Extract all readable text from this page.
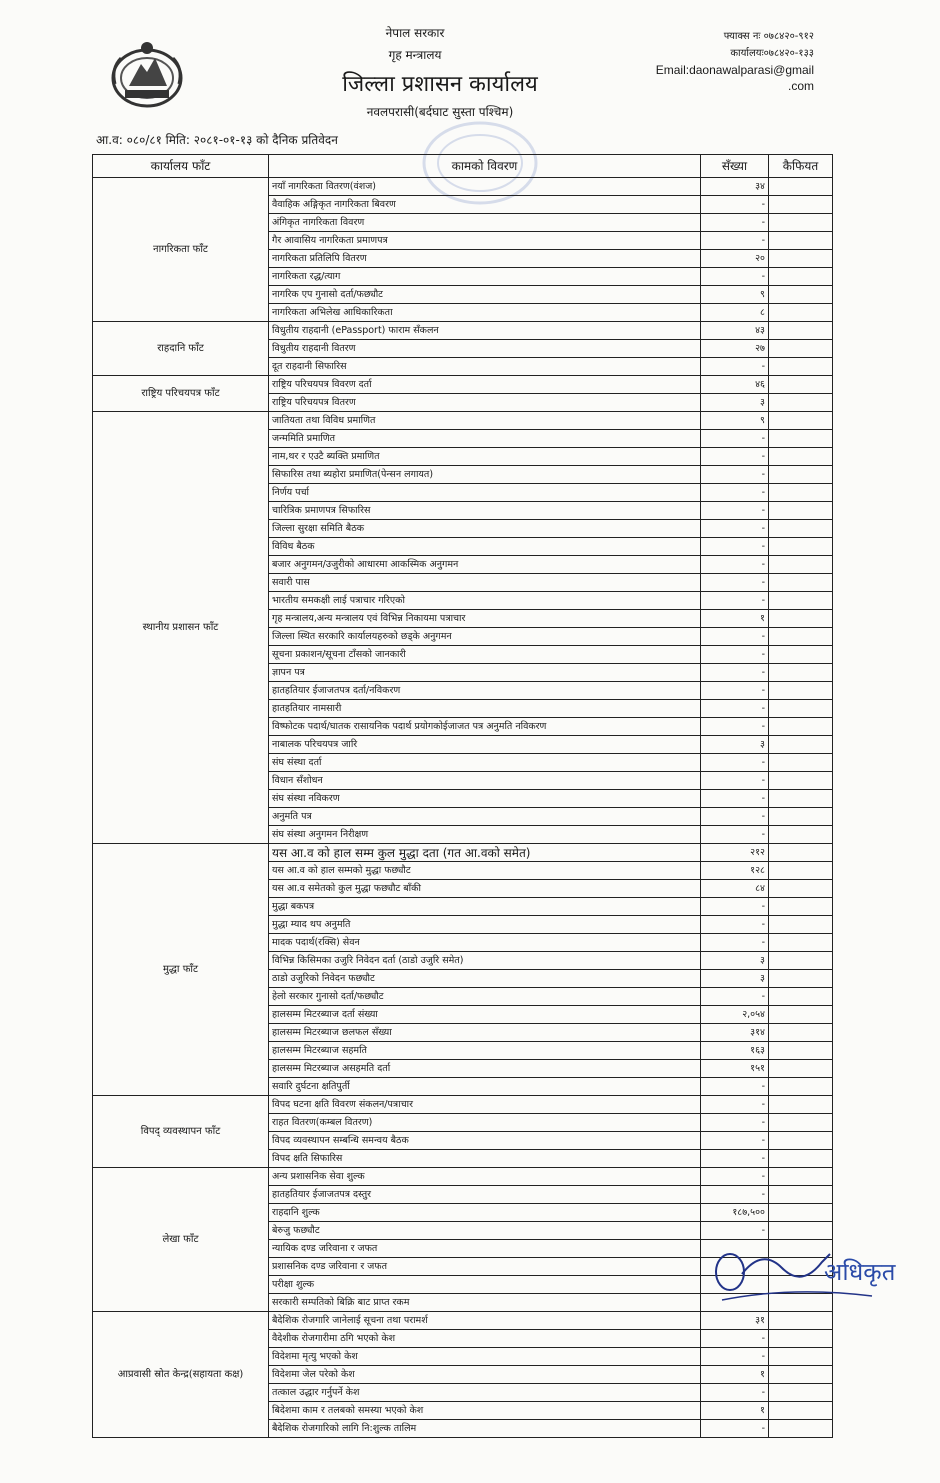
नेपाल सरकार
गृह मन्त्रालय
जिल्ला प्रशासन कार्यालय
नवलपरासी(बर्दघाट सुस्ता पश्चिम)
फ्याक्स नः ०७८४२०-९१२
कार्यालयः०७८४२०-१३३
Email:daonawalparasi@gmail
.com
आ.व: ०८०/८१ मिति: २०८१-०१-१३ को दैनिक प्रतिवेदन
कार्यालय फाँट	कामको विवरण	सँख्या	कैफियत
नागरिकता फाँट	नयाँ नागरिकता वितरण(वंशज)	३४	
	वैवाहिक अङ्गिकृत नागरिकता बिवरण	-	
	अंगिकृत नागरिकता विवरण	-	
	गैर आवासिय नागरिकता प्रमाणपत्र	-	
	नागरिकता प्रतिलिपि वितरण	२०	
	नागरिकता रद्ध/त्याग	-	
	नागरिक एप गुनासो दर्ता/फछ्यौट	९	
	नागरिकता अभिलेख आधिकारिकता	८	
राहदानि फाँट	विधुतीय राहदानी (ePassport) फाराम सँकलन	४३	
	विधुतीय राहदानी वितरण	२७	
	दूत राहदानी सिफारिस	-	
राष्ट्रिय परिचयपत्र फाँट	राष्ट्रिय परिचयपत्र विवरण दर्ता	४६	
	राष्ट्रिय परिचयपत्र वितरण	३	
स्थानीय प्रशासन फाँट	जातियता तथा विविध प्रमाणित	९	
	जन्ममिति प्रमाणित	-	
	नाम,थर र एउटै ब्यक्ति प्रमाणित	-	
	सिफारिस तथा ब्यहोरा प्रमाणित(पेन्सन लगायत)	-	
	निर्णय पर्चा	-	
	चारित्रिक प्रमाणपत्र सिफारिस	-	
	जिल्ला सुरक्षा समिति बैठक	-	
	विविध बैठक	-	
	बजार अनुगमन/उजुरीको आधारमा आकस्मिक अनुगमन	-	
	सवारी पास	-	
	भारतीय समकक्षी लाई पत्राचार गरिएको	-	
	गृह मन्त्रालय,अन्य मन्त्रालय एवं विभिन्न निकायमा पत्राचार	१	
	जिल्ला स्थित सरकारि कार्यालयहरुको छड्के अनुगमन	-	
	सूचना प्रकाशन/सूचना टाँसको जानकारी	-	
	ज्ञापन पत्र	-	
	हातहतियार ईजाजतपत्र दर्ता/नविकरण	-	
	हातहतियार नामसारी	-	
	विष्फोटक पदार्थ/घातक रासायनिक पदार्थ प्रयोगकोईजाजत पत्र अनुमति नविकरण	-	
	नाबालक परिचयपत्र जारि	३	
	संघ संस्था दर्ता	-	
	विधान सँशोधन	-	
	संघ संस्था नविकरण	-	
	अनुमति पत्र	-	
	संघ संस्था अनुगमन निरीक्षण	-	
मुद्धा फाँट	यस आ.व को हाल सम्म कुल मुद्धा दता (गत आ.वको समेत)	२१२	
	यस आ.व को हाल सम्मको मुद्धा फछ्यौट	१२८	
	यस आ.व समेतको कुल मुद्धा फछ्यौट बाँकी	८४	
	मुद्धा बकपत्र	-	
	मुद्धा म्याद थप अनुमति	-	
	मादक पदार्थ(रक्सि) सेवन	-	
	विभिन्न किसिमका उजुरि निवेदन दर्ता (ठाडो उजुरि समेत)	३	
	ठाडो उजुरिको निवेदन फछ्यौट	३	
	हेलो सरकार गुनासो दर्ता/फछ्यौट	-	
	हालसम्म मिटरब्याज दर्ता संख्या	२,०५४	
	हालसम्म मिटरब्याज छलफल सँख्या	३१४	
	हालसम्म मिटरब्याज सहमति	१६३	
	हालसम्म मिटरब्याज असहमति दर्ता	१५१	
	सवारि दुर्घटना क्षतिपुर्ती	-	
विपद् व्यवस्थापन फाँट	विपद घटना क्षति विवरण संकलन/पत्राचार	-	
	राहत वितरण(कम्बल वितरण)	-	
	विपद व्यवस्थापन सम्बन्धि समन्वय बैठक	-	
	विपद क्षति सिफारिस	-	
लेखा फाँट	अन्य प्रशासनिक सेवा शुल्क	-	
	हातहतियार ईजाजतपत्र दस्तुर	-	
	राहदानि शुल्क	१८७,५००	
	बेरुजु फछ्यौट	-	
	न्यायिक दण्ड जरिवाना र जफत		
	प्रशासनिक दण्ड जरिवाना र जफत		
	परीक्षा शुल्क		
	सरकारी सम्पतिको बिक्रि बाट प्राप्त रकम		
आप्रवासी स्रोत केन्द्र(सहायता कक्ष)	बैदेशिक रोजगारि जानेलाई सूचना तथा परामर्श	३१	
	वैदेशीक रोजगारीमा ठगि भएको केश	-	
	विदेशमा मृत्यु भएको केश	-	
	विदेशमा जेल परेको केश	१	
	तत्काल उद्धार गर्नुपर्ने केश	-	
	बिदेशमा काम र तलबको समस्या भएको केश	१	
	बैदेशिक रोजगारिको लागि नि:शुल्क तालिम	-	
अधिकृत
